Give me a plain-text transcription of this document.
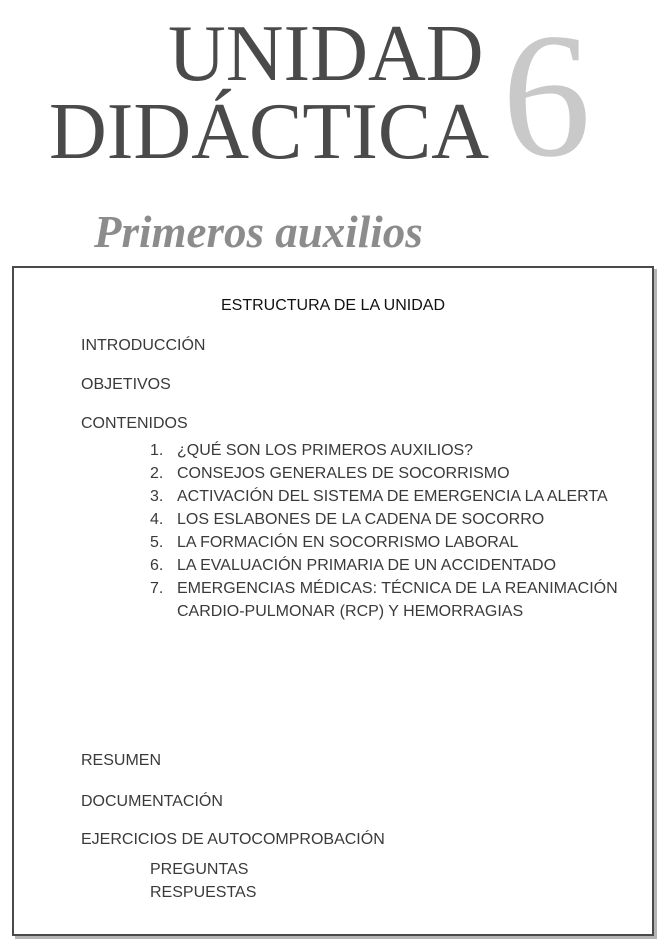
UNIDAD
DIDÁCTICA 6
Primeros auxilios
ESTRUCTURA DE LA UNIDAD
INTRODUCCIÓN
OBJETIVOS
CONTENIDOS
1. ¿QUÉ SON LOS PRIMEROS AUXILIOS?
2. CONSEJOS GENERALES DE SOCORRISMO
3. ACTIVACIÓN DEL SISTEMA DE EMERGENCIA LA ALERTA
4. LOS ESLABONES DE LA CADENA DE SOCORRO
5. LA FORMACIÓN EN SOCORRISMO LABORAL
6. LA EVALUACIÓN PRIMARIA DE UN ACCIDENTADO
7. EMERGENCIAS MÉDICAS: TÉCNICA DE LA REANIMACIÓN CARDIO-PULMONAR (RCP) Y HEMORRAGIAS
RESUMEN
DOCUMENTACIÓN
EJERCICIOS DE AUTOCOMPROBACIÓN
PREGUNTAS
RESPUESTAS
